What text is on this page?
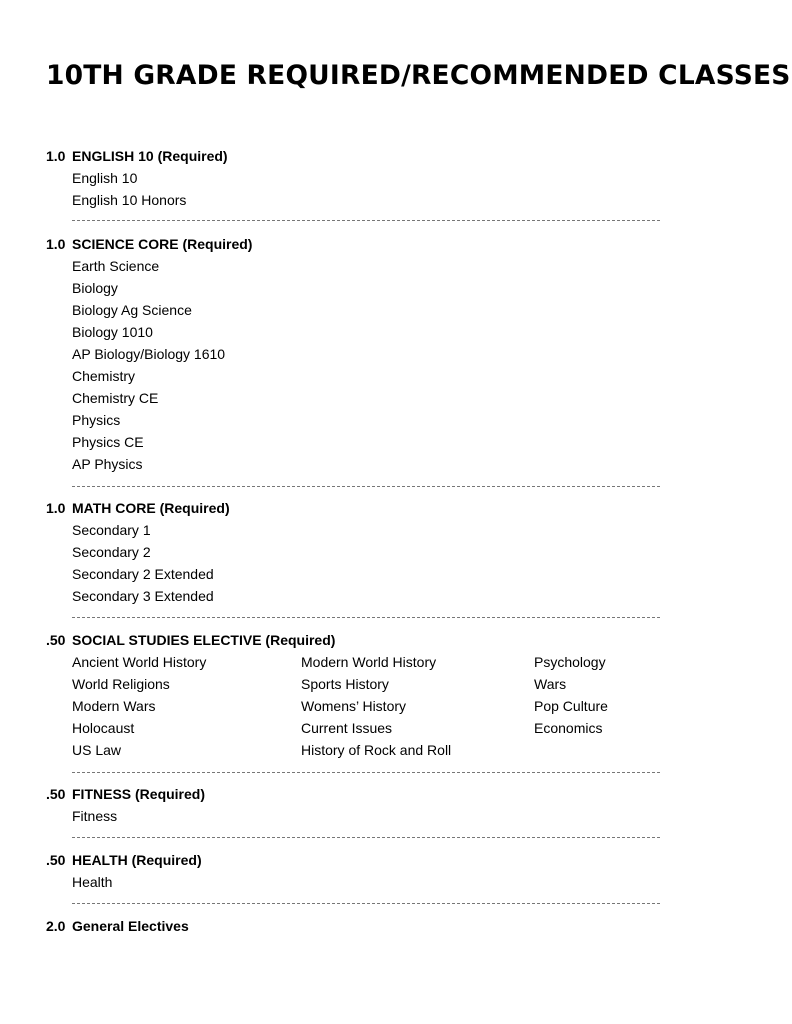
10TH GRADE REQUIRED/RECOMMENDED CLASSES
1.0 ENGLISH 10 (Required)
English 10
English 10 Honors
1.0 SCIENCE CORE (Required)
Earth Science
Biology
Biology Ag Science
Biology 1010
AP Biology/Biology 1610
Chemistry
Chemistry CE
Physics
Physics CE
AP Physics
1.0 MATH CORE (Required)
Secondary 1
Secondary 2
Secondary 2 Extended
Secondary 3 Extended
.50 SOCIAL STUDIES ELECTIVE (Required)
Ancient World History
World Religions
Modern Wars
Holocaust
US Law
Modern World History
Sports History
Womens’ History
Current Issues
History of Rock and Roll
Psychology
Wars
Pop Culture
Economics
.50 FITNESS (Required)
Fitness
.50 HEALTH (Required)
Health
2.0 General Electives
